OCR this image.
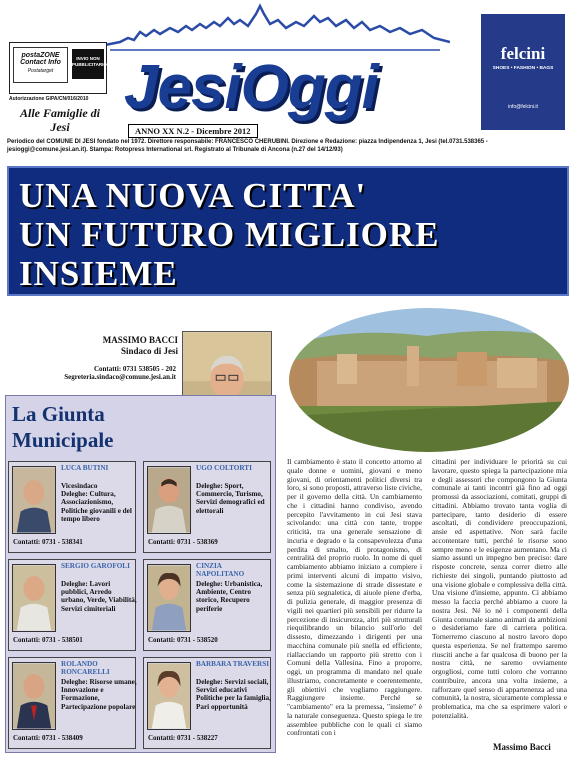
postaZONE
Contact Info
Postatarget
INVIO NON PUBBLICITARIO
Autorizzazione GIPA/CN/016/2010
Alle Famiglie di Jesi
JesiOggi
ANNO XX N.2 - Dicembre 2012
felcini
SHOES • FASHION • BAGS
info@felcini.it
Periodico del COMUNE DI JESI fondato nel 1972. Direttore responsabile: FRANCESCO CHERUBINI. Direzione e Redazione: piazza Indipendenza 1, Jesi (tel.0731.538365 - jesioggi@comune.jesi.an.it). Stampa: Rotopress International srl. Registrato al Tribunale di Ancona (n.27 del 14/12/93)
UNA NUOVA CITTA'
UN FUTURO MIGLIORE
INSIEME
MASSIMO BACCI
Sindaco di Jesi
Contatti: 0731 538505 - 202
Segreteria.sindaco@comune.jesi.an.it
La Giunta
Municipale
LUCA BUTINI
Vicesindaco
Deleghe: Cultura, Associazionismo, Politiche giovanili e del tempo libero
Contatti: 0731 - 538341
UGO COLTORTI
Deleghe: Sport, Commercio, Turismo, Servizi demografici ed elettorali
Contatti: 0731 - 538369
SERGIO GAROFOLI
Deleghe: Lavori pubblici, Arredo urbano, Verde, Viabilità, Servizi cimiteriali
Contatti: 0731 - 538501
CINZIA NAPOLITANO
Deleghe: Urbanistica, Ambiente, Centro storico, Recupero periferie
Contatti: 0731 - 538520
ROLANDO RONCARELLI
Deleghe: Risorse umane, Innovazione e Formazione, Partecipazione popolare
Contatti: 0731 - 538409
BARBARA TRAVERSI
Deleghe: Servizi sociali, Servizi educativi Politiche per la famiglia, Pari opportunità
Contatti: 0731 - 538227
Il cambiamento è stato il concetto attorno al quale donne e uomini, giovani e meno giovani, di orientamenti politici diversi tra loro, si sono proposti, attraverso liste civiche, per il governo della città. Un cambiamento che i cittadini hanno condiviso, avendo percepito l'avvitamento in cui Jesi stava scivolando: una città con tante, troppe criticità, tra una generale sensazione di incuria e degrado e la consapevolezza d'una perdita di smalto, di protagonismo, di centralità del proprio ruolo. In nome di quel cambiamento abbiamo iniziato a compiere i primi interventi alcuni di impatto visivo, come la sistemazione di strade dissestate e senza più segnaletica, di aiuole piene d'erba, di pulizia generale, di maggior presenza di vigili nei quartieri più sensibili per ridurre la percezione di insicurezza, altri più strutturali riequilibrando un bilancio sull'orlo del dissesto, dimezzando i dirigenti per una macchina comunale più snella ed efficiente, riallacciando un rapporto più stretto con i Comuni della Vallesina. Fino a proporre, oggi, un programma di mandato nel quale illustriamo, concretamente e coerentemente, gli obiettivi che vogliamo raggiungere. Raggiungere insieme. Perché se "cambiamento" era la premessa, "insieme" è la naturale conseguenza. Questo spiega le tre assemblee pubbliche con le quali ci siamo confrontati con i
cittadini per individuare le priorità su cui lavorare, questo spiega la partecipazione mia e degli assessori che compongono la Giunta comunale ai tanti incontri già fino ad oggi promossi da associazioni, comitati, gruppi di cittadini. Abbiamo trovato tanta voglia di partecipare, tanto desiderio di essere ascoltati, di condividere preoccupazioni, ansie ed aspettative. Non sarà facile accontentare tutti, perché le risorse sono sempre meno e le esigenze aumentano. Ma ci siamo assunti un impegno ben preciso: dare risposte concrete, senza correr dietro alle richieste dei singoli, puntando piuttosto ad una visione globale e complessiva della città. Una visione d'insieme, appunto. Ci abbiamo messo la faccia perché abbiamo a cuore la nostra Jesi. Né io né i componenti della Giunta comunale siamo animati da ambizioni o desideriamo fare di carriera politica. Tornerremo ciascuno al nostro lavoro dopo questa esperienza. Se nel frattempo saremo riusciti anche a far qualcosa di buono per la nostra città, ne saremo ovviamente orgogliosi, come tutti coloro che vorranno contribuire, ancora una volta insieme, a rafforzare quel senso di appartenenza ad una comunità, la nostra, sicuramente complessa e problematica, ma che sa esprimere valori e potenzialità.
Massimo Bacci
